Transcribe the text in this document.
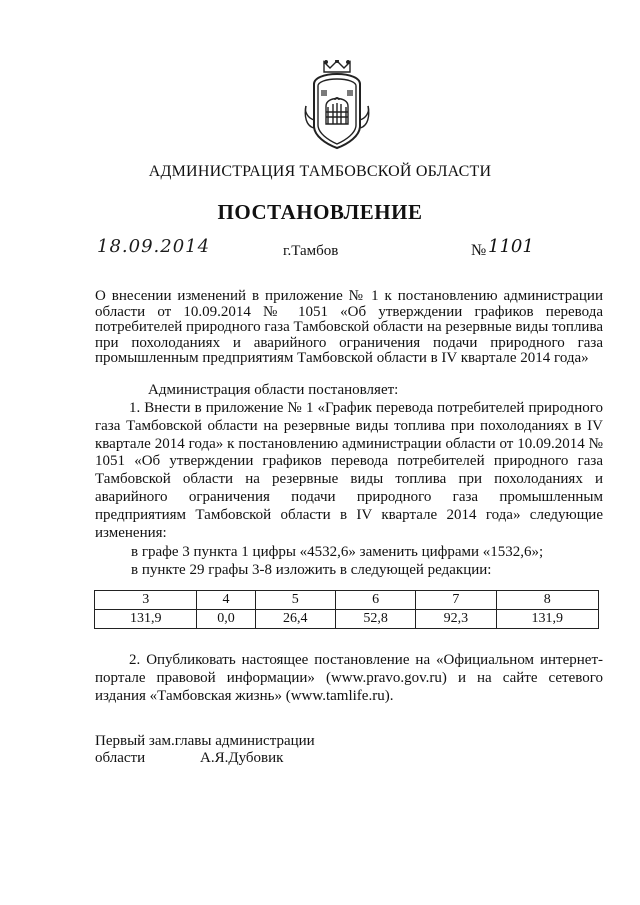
АДМИНИСТРАЦИЯ ТАМБОВСКОЙ ОБЛАСТИ
ПОСТАНОВЛЕНИЕ
18.09.2014	г.Тамбов	№ 1101
О внесении изменений в приложение № 1 к постановлению администрации области от 10.09.2014 № 1051 «Об утверждении графиков перевода потребителей природного газа Тамбовской области на резервные виды топлива при похолоданиях и аварийного ограничения подачи природного газа промышленным предприятиям Тамбовской области в IV квартале 2014 года»
Администрация области постановляет:
1. Внести в приложение № 1 «График перевода потребителей природного газа Тамбовской области на резервные виды топлива при похолоданиях в IV квартале 2014 года» к постановлению администрации области от 10.09.2014 № 1051 «Об утверждении графиков перевода потребителей природного газа Тамбовской области на резервные виды топлива при похолоданиях и аварийного ограничения подачи природного газа промышленным предприятиям Тамбовской области в IV квартале 2014 года» следующие изменения:
в графе 3 пункта 1 цифры «4532,6» заменить цифрами «1532,6»;
в пункте 29 графы 3-8 изложить в следующей редакции:
3	4	5	6	7	8
131,9	0,0	26,4	52,8	92,3	131,9
2. Опубликовать настоящее постановление на «Официальном интернет-портале правовой информации» (www.pravo.gov.ru) и на сайте сетевого издания «Тамбовская жизнь» (www.tamlife.ru).
Первый зам.главы администрации
области	А.Я.Дубовик
